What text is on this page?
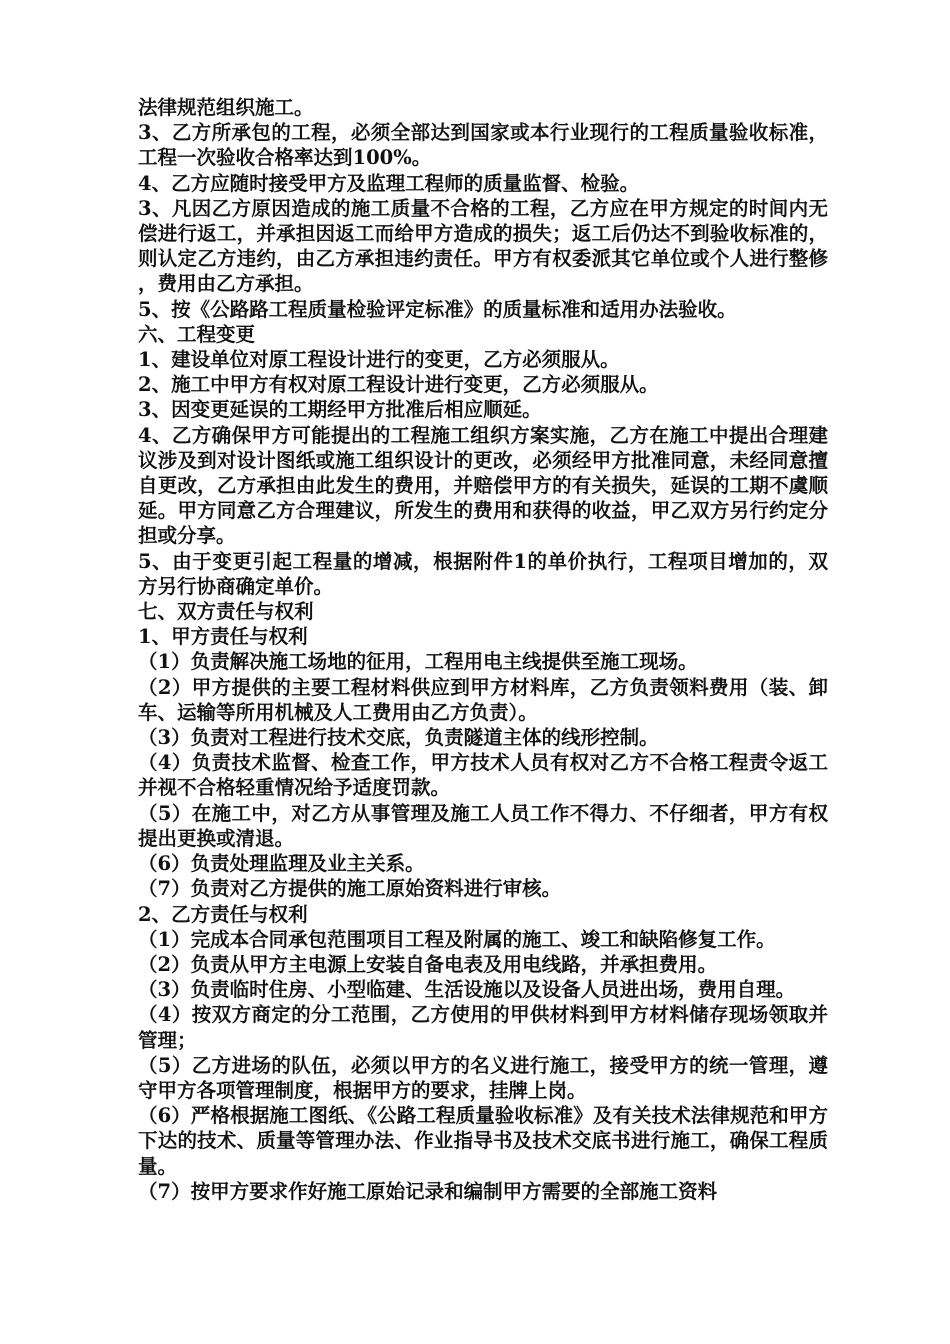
法律规范组织施工。

3、乙方所承包的工程，必须全部达到国家或本行业现行的工程质量验收标准，工程一次验收合格率达到100%。

4、乙方应随时接受甲方及监理工程师的质量监督、检验。

3、凡因乙方原因造成的施工质量不合格的工程，乙方应在甲方规定的时间内无偿进行返工，并承担因返工而给甲方造成的损失；返工后仍达不到验收标准的，则认定乙方违约，由乙方承担违约责任。甲方有权委派其它单位或个人进行整修，费用由乙方承担。

5、按《公路路工程质量检验评定标准》的质量标准和适用办法验收。

六、工程变更

1、建设单位对原工程设计进行的变更，乙方必须服从。

2、施工中甲方有权对原工程设计进行变更，乙方必须服从。

3、因变更延误的工期经甲方批准后相应顺延。

4、乙方确保甲方可能提出的工程施工组织方案实施，乙方在施工中提出合理建议涉及到对设计图纸或施工组织设计的更改，必须经甲方批准同意，未经同意擅自更改，乙方承担由此发生的费用，并赔偿甲方的有关损失，延误的工期不虞顺延。甲方同意乙方合理建议，所发生的费用和获得的收益，甲乙双方另行约定分担或分享。

5、由于变更引起工程量的增减，根据附件1的单价执行，工程项目增加的，双方另行协商确定单价。

七、双方责任与权利

1、甲方责任与权利

（1）负责解决施工场地的征用，工程用电主线提供至施工现场。

（2）甲方提供的主要工程材料供应到甲方材料库，乙方负责领料费用（装、卸车、运输等所用机械及人工费用由乙方负责）。

（3）负责对工程进行技术交底，负责隧道主体的线形控制。

（4）负责技术监督、检查工作，甲方技术人员有权对乙方不合格工程责令返工并视不合格轻重情况给予适度罚款。

（5）在施工中，对乙方从事管理及施工人员工作不得力、不仔细者，甲方有权提出更换或清退。

（6）负责处理监理及业主关系。

（7）负责对乙方提供的施工原始资料进行审核。

2、乙方责任与权利

（1）完成本合同承包范围项目工程及附属的施工、竣工和缺陷修复工作。

（2）负责从甲方主电源上安装自备电表及用电线路，并承担费用。

（3）负责临时住房、小型临建、生活设施以及设备人员进出场，费用自理。

（4）按双方商定的分工范围，乙方使用的甲供材料到甲方材料储存现场领取并管理；

（5）乙方进场的队伍，必须以甲方的名义进行施工，接受甲方的统一管理，遵守甲方各项管理制度，根据甲方的要求，挂牌上岗。

（6）严格根据施工图纸、《公路工程质量验收标准》及有关技术法律规范和甲方下达的技术、质量等管理办法、作业指导书及技术交底书进行施工，确保工程质量。

（7）按甲方要求作好施工原始记录和编制甲方需要的全部施工资料
